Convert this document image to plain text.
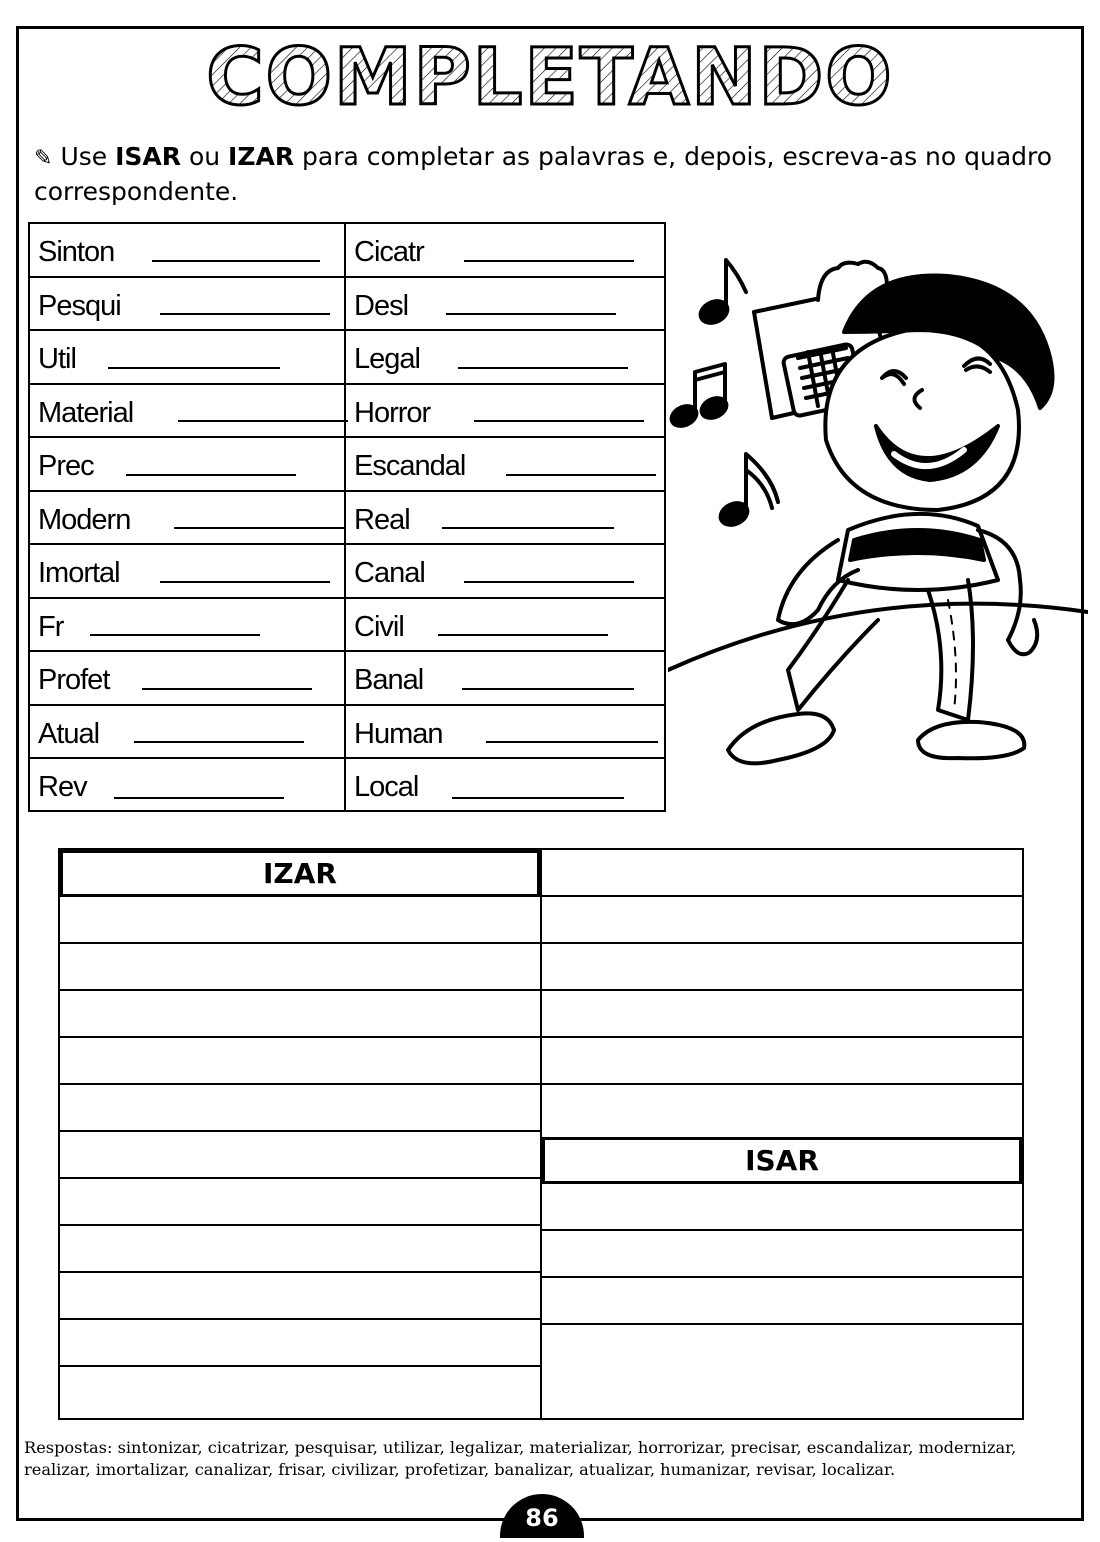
COMPLETANDO
✎ Use ISAR ou IZAR para completar as palavras e, depois, escreva-as no quadro correspondente.
Sinton
Pesqui
Util
Material
Prec
Modern
Imortal
Fr
Profet
Atual
Rev
Cicatr
Desl
Legal
Horror
Escandal
Real
Canal
Civil
Banal
Human
Local
IZAR
ISAR
Respostas: sintonizar, cicatrizar, pesquisar, utilizar, legalizar, materializar, horrorizar, precisar, escandalizar, modernizar, realizar, imortalizar, canalizar, frisar, civilizar, profetizar, banalizar, atualizar, humanizar, revisar, localizar.
86
